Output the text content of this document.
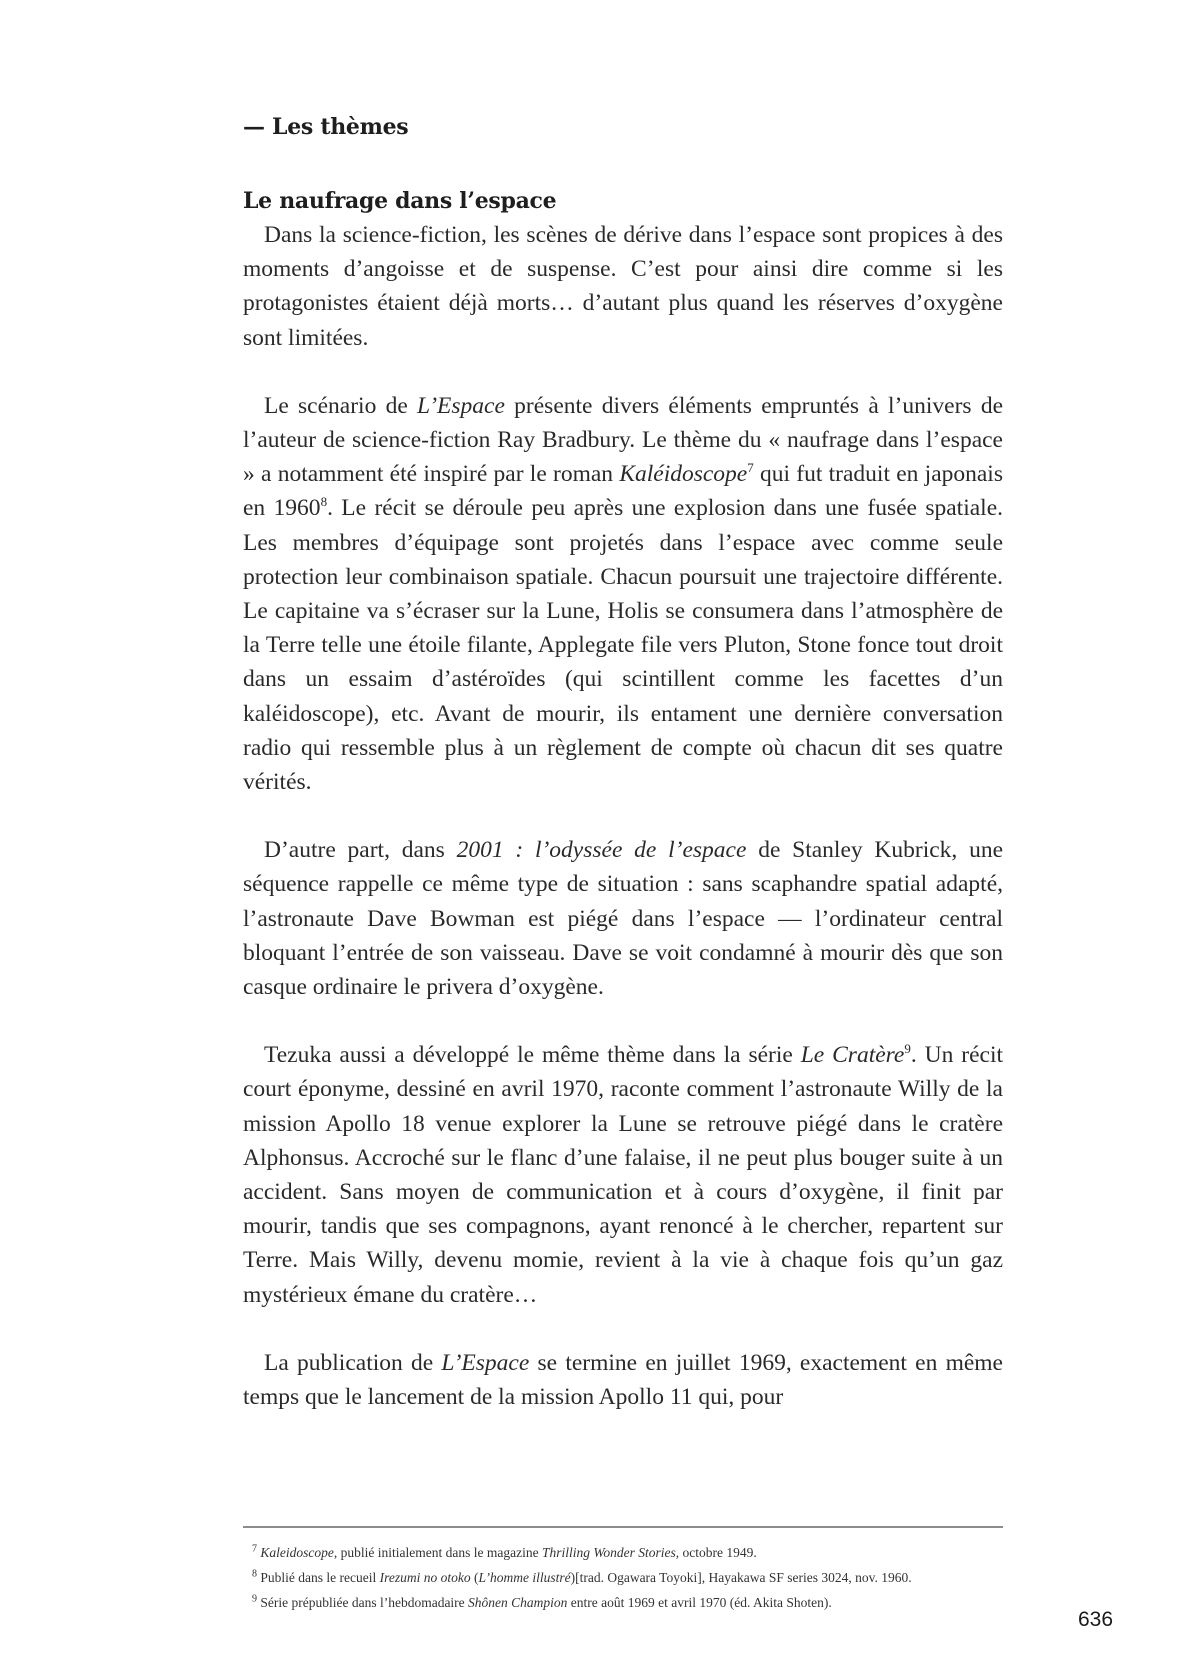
— Les thèmes
Le naufrage dans l’espace

Dans la science-fiction, les scènes de dérive dans l’espace sont propices à des moments d’angoisse et de suspense. C’est pour ainsi dire comme si les protagonistes étaient déjà morts… d’autant plus quand les réserves d’oxygène sont limitées.

Le scénario de L’Espace présente divers éléments empruntés à l’univers de l’auteur de science-fiction Ray Bradbury. Le thème du « naufrage dans l’espace » a notamment été inspiré par le roman Kaléidoscope$^7$ qui fut traduit en japonais en 1960$^8$. Le récit se déroule peu après une explosion dans une fusée spatiale. Les membres d’équipage sont projetés dans l’espace avec comme seule protection leur combinaison spatiale. Chacun poursuit une trajectoire différente. Le capitaine va s’écraser sur la Lune, Holis se consumera dans l’atmosphère de la Terre telle une étoile filante, Applegate file vers Pluton, Stone fonce tout droit dans un essaim d’astéroïdes (qui scintillent comme les facettes d’un kaléidoscope), etc. Avant de mourir, ils entament une dernière conversation radio qui ressemble plus à un règlement de compte où chacun dit ses quatre vérités.

D’autre part, dans 2001 : l’odyssée de l’espace de Stanley Kubrick, une séquence rappelle ce même type de situation : sans scaphandre spatial adapté, l’astronaute Dave Bowman est piégé dans l’espace — l’ordinateur central bloquant l’entrée de son vaisseau. Dave se voit condamné à mourir dès que son casque ordinaire le privera d’oxygène.

Tezuka aussi a développé le même thème dans la série Le Cratère$^9$. Un récit court éponyme, dessiné en avril 1970, raconte comment l’astronaute Willy de la mission Apollo 18 venue explorer la Lune se retrouve piégé dans le cratère Alphonsus. Accroché sur le flanc d’une falaise, il ne peut plus bouger suite à un accident. Sans moyen de communication et à cours d’oxygène, il finit par mourir, tandis que ses compagnons, ayant renoncé à le chercher, repartent sur Terre. Mais Willy, devenu momie, revient à la vie à chaque fois qu’un gaz mystérieux émane du cratère…

La publication de L’Espace se termine en juillet 1969, exactement en même temps que le lancement de la mission Apollo 11 qui, pour

$^7$ Kaleidoscope, publié initialement dans le magazine Thrilling Wonder Stories, octobre 1949.
$^8$ Publié dans le recueil Irezumi no otoko (L’homme illustré)[trad. Ogawara Toyoki], Hayakawa SF series 3024, nov. 1960.
$^9$ Série prépubliée dans l’hebdomadaire Shônen Champion entre août 1969 et avril 1970 (éd. Akita Shoten).
636
